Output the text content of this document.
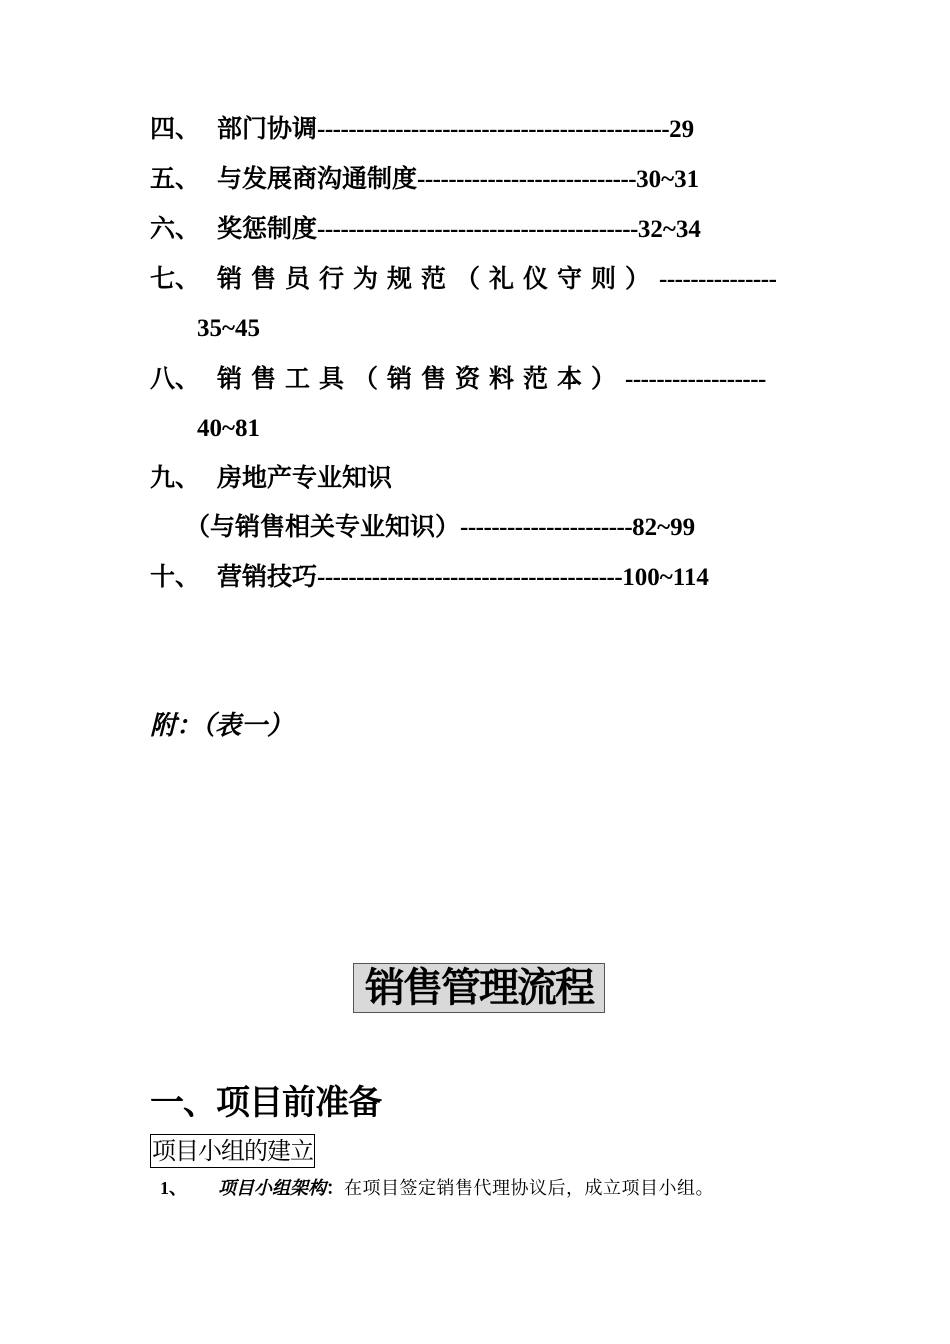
四、 部门协调---------------------------------------------29
五、 与发展商沟通制度----------------------------30~31
六、 奖惩制度-----------------------------------------32~34
七、 销售员行为规范（礼仪守则）---------------
35~45
八、 销售工具（销售资料范本）------------------
40~81
九、 房地产专业知识
（与销售相关专业知识）----------------------82~99
十、 营销技巧---------------------------------------100~114
附：（表一）
销售管理流程
一、项目前准备
项目小组的建立
1、 项目小组架构：在项目签定销售代理协议后，成立项目小组。
